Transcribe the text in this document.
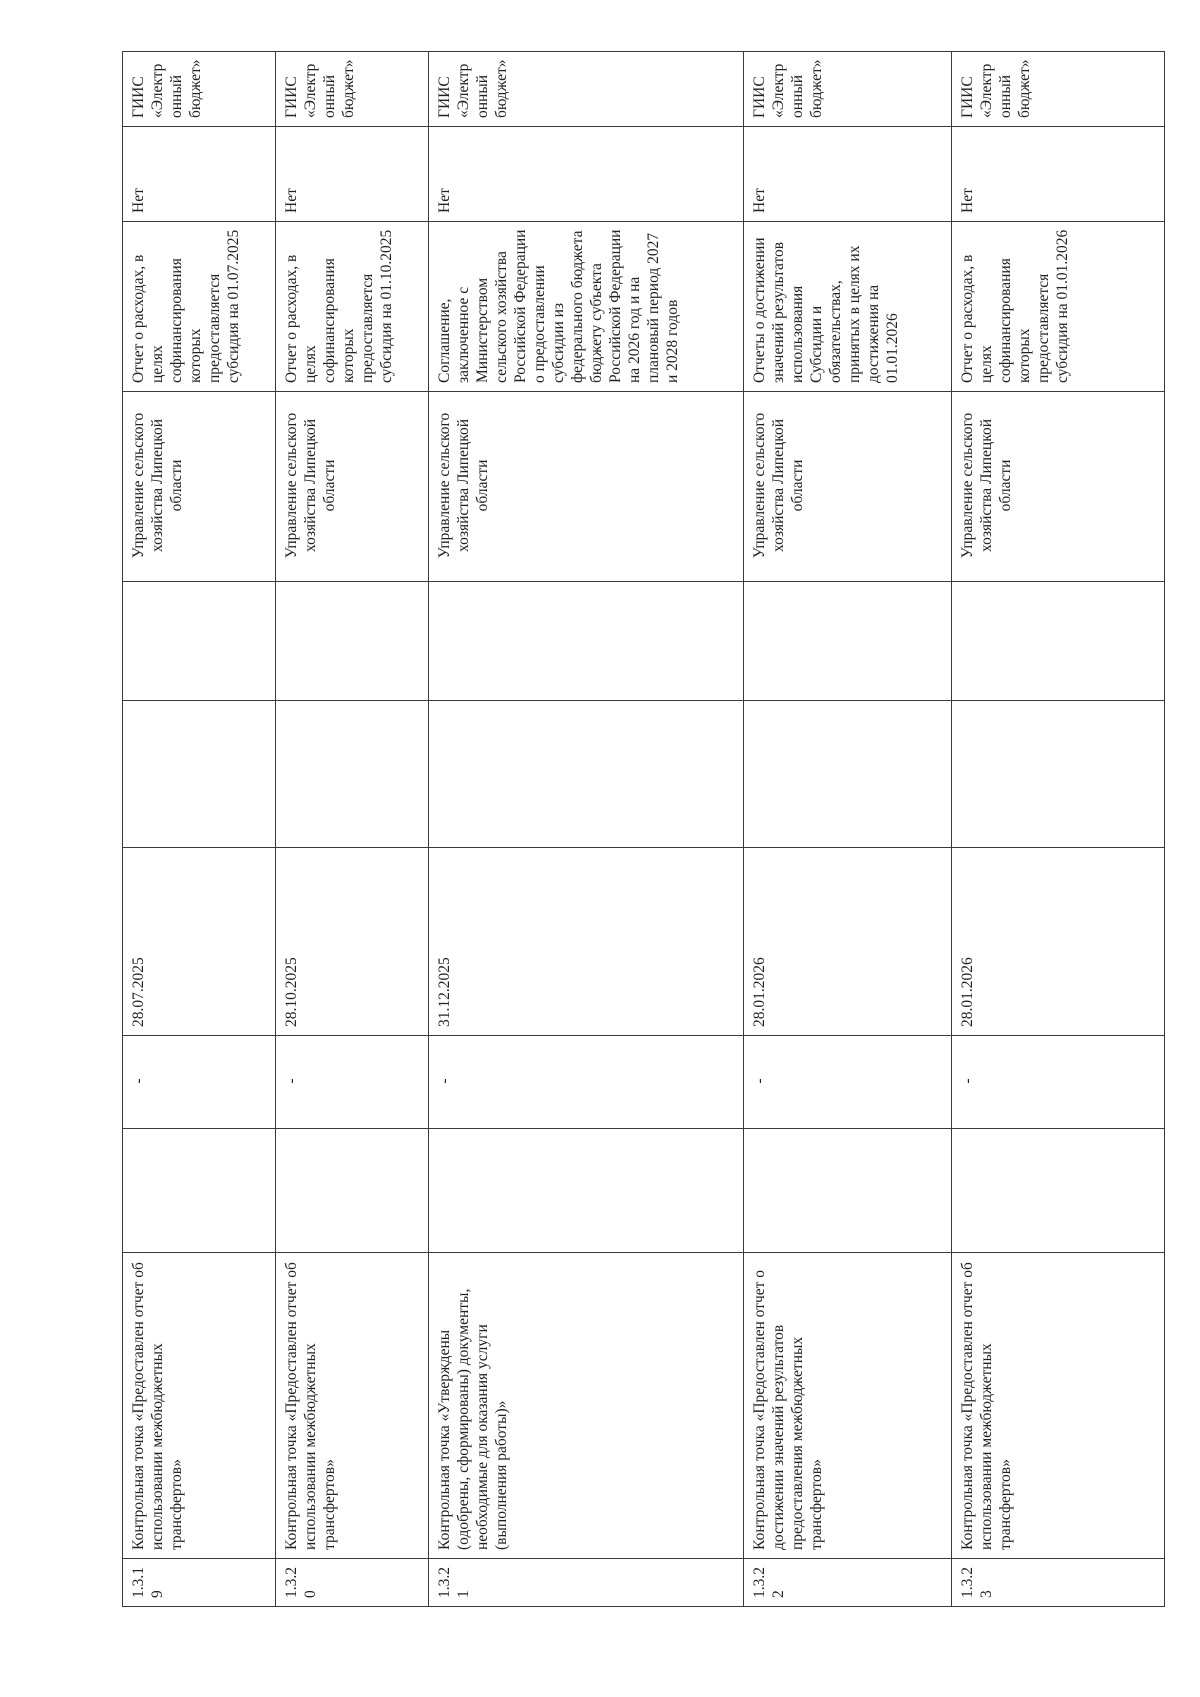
1.3.19	Контрольная точка «Предоставлен отчет об использовании межбюджетных трансфертов»		-	28.07.2025			Управление сельского хозяйства Липецкой области	Отчет о расходах, в целях софинансирования которых предоставляется субсидия на 01.07.2025	Нет	ГИИС «Электронный бюджет»
1.3.20	Контрольная точка «Предоставлен отчет об использовании межбюджетных трансфертов»		-	28.10.2025			Управление сельского хозяйства Липецкой области	Отчет о расходах, в целях софинансирования которых предоставляется субсидия на 01.10.2025	Нет	ГИИС «Электронный бюджет»
1.3.21	Контрольная точка «Утверждены (одобрены, сформированы) документы, необходимые для оказания услуги (выполнения работы)»		-	31.12.2025			Управление сельского хозяйства Липецкой области	Соглашение, заключенное с Министерством сельского хозяйства Российской Федерации о предоставлении субсидии из федерального бюджета бюджету субъекта Российской Федерации на 2026 год и на плановый период 2027 и 2028 годов	Нет	ГИИС «Электронный бюджет»
1.3.22	Контрольная точка «Предоставлен отчет о достижении значений результатов предоставления межбюджетных трансфертов»		-	28.01.2026			Управление сельского хозяйства Липецкой области	Отчеты о достижении значений результатов использования Субсидии и обязательствах, принятых в целях их достижения на 01.01.2026	Нет	ГИИС «Электронный бюджет»
1.3.23	Контрольная точка «Предоставлен отчет об использовании межбюджетных трансфертов»		-	28.01.2026			Управление сельского хозяйства Липецкой области	Отчет о расходах, в целях софинансирования которых предоставляется субсидия на 01.01.2026	Нет	ГИИС «Электронный бюджет»
